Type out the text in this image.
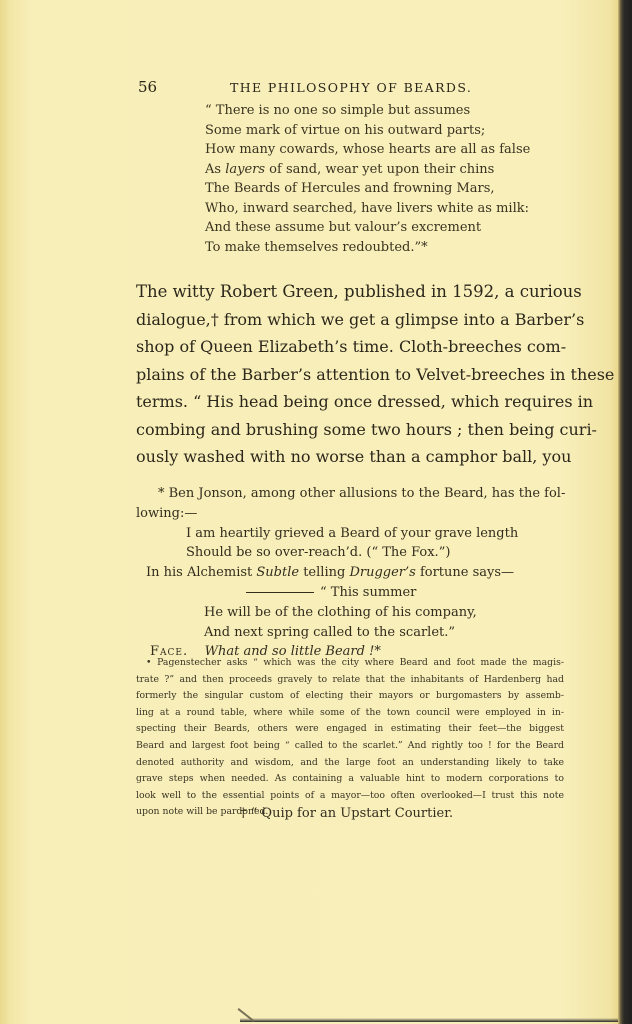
56	THE PHILOSOPHY OF BEARDS.
“ There is no one so simple but assumes
Some mark of virtue on his outward parts;
How many cowards, whose hearts are all as false
As layers of sand, wear yet upon their chins
The Beards of Hercules and frowning Mars,
Who, inward searched, have livers white as milk:
And these assume but valour’s excrement
To make themselves redoubted.”*
The witty Robert Green, published in 1592, a curious
dialogue,† from which we get a glimpse into a Barber’s
shop of Queen Elizabeth’s time. Cloth-breeches com-
plains of the Barber’s attention to Velvet-breeches in these
terms. “ His head being once dressed, which requires in
combing and brushing some two hours ; then being curi-
ously washed with no worse than a camphor ball, you
* Ben Jonson, among other allusions to the Beard, has the fol-
lowing:—
I am heartily grieved a Beard of your grave length
Should be so over-reach’d. (“ The Fox.”)
In his Alchemist Subtle telling Drugger’s fortune says—
“ This summer
He will be of the clothing of his company,
And next spring called to the scarlet.”
Face. What and so little Beard !*
• Pagenstecher asks “ which was the city where Beard and foot made the magis-
trate ?” and then proceeds gravely to relate that the inhabitants of Hardenberg had
formerly the singular custom of electing their mayors or burgomasters by assemb-
ling at a round table, where while some of the town council were employed in in-
specting their Beards, others were engaged in estimating their feet—the biggest
Beard and largest foot being “ called to the scarlet.” And rightly too ! for the Beard
denoted authority and wisdom, and the large foot an understanding likely to take
grave steps when needed. As containing a valuable hint to modern corporations to
look well to the essential points of a mayor—too often overlooked—I trust this note
upon note will be pardoned.
† “ Quip for an Upstart Courtier.
